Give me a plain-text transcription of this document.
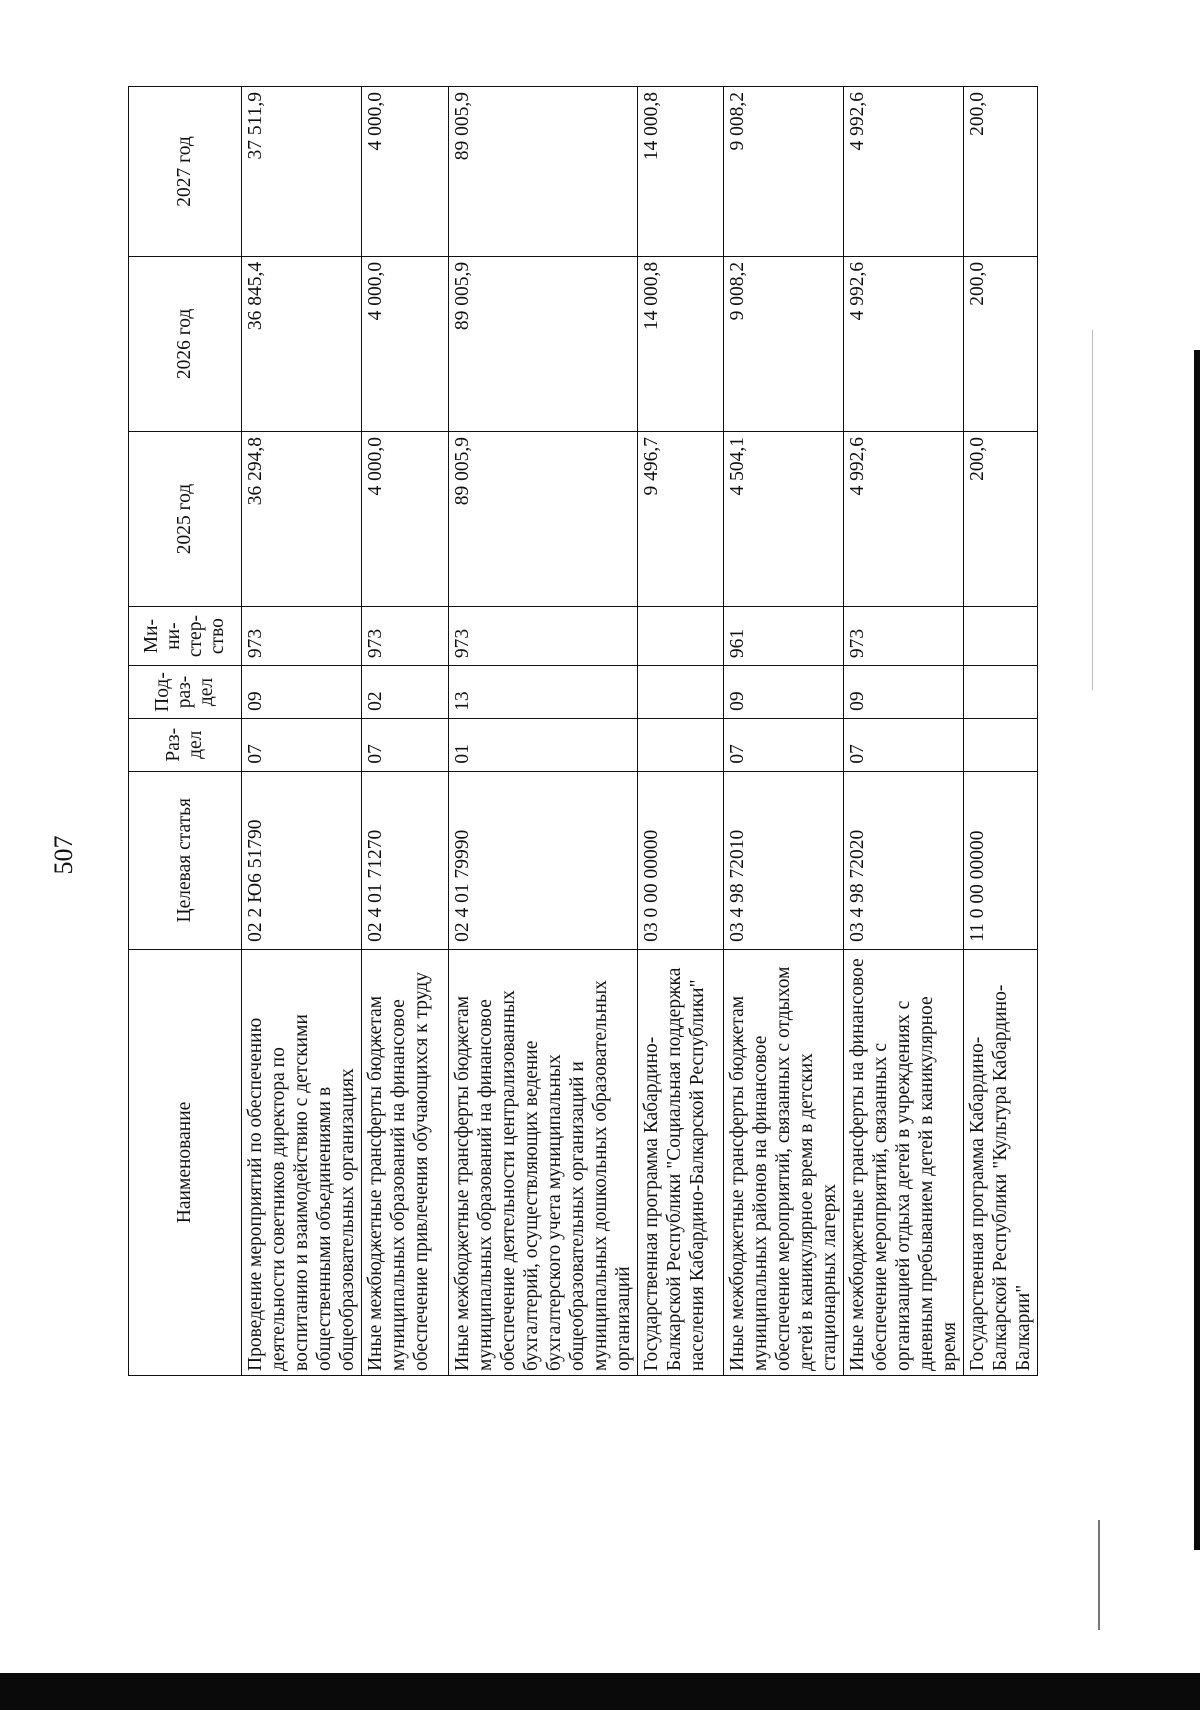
507
Наименование	Целевая статья	Раз- дел	Под- раз- дел	Ми- ни- стер- ство	2025 год	2026 год	2027 год
Проведение мероприятий по обеспечению деятельности советников директора по воспитанию и взаимодействию с детскими общественными объединениями в общеобразовательных организациях	02 2 Ю6 51790	07	09	973	36 294,8	36 845,4	37 511,9
Иные межбюджетные трансферты бюджетам муниципальных образований на финансовое обеспечение привлечения обучающихся к труду	02 4 01 71270	07	02	973	4 000,0	4 000,0	4 000,0
Иные межбюджетные трансферты бюджетам муниципальных образований на финансовое обеспечение деятельности централизованных бухгалтерий, осуществляющих ведение бухгалтерского учета муниципальных общеобразовательных организаций и муниципальных дошкольных образовательных организаций	02 4 01 79990	01	13	973	89 005,9	89 005,9	89 005,9
Государственная программа Кабардино-Балкарской Республики "Социальная поддержка населения Кабардино-Балкарской Республики"	03 0 00 00000				9 496,7	14 000,8	14 000,8
Иные межбюджетные трансферты бюджетам муниципальных районов на финансовое обеспечение мероприятий, связанных с отдыхом детей в каникулярное время в детских стационарных лагерях	03 4 98 72010	07	09	961	4 504,1	9 008,2	9 008,2
Иные межбюджетные трансферты на финансовое обеспечение мероприятий, связанных с организацией отдыха детей в учреждениях с дневным пребыванием детей в каникулярное время	03 4 98 72020	07	09	973	4 992,6	4 992,6	4 992,6
Государственная программа Кабардино-Балкарской Республики "Культура Кабардино-Балкарии"	11 0 00 00000				200,0	200,0	200,0
